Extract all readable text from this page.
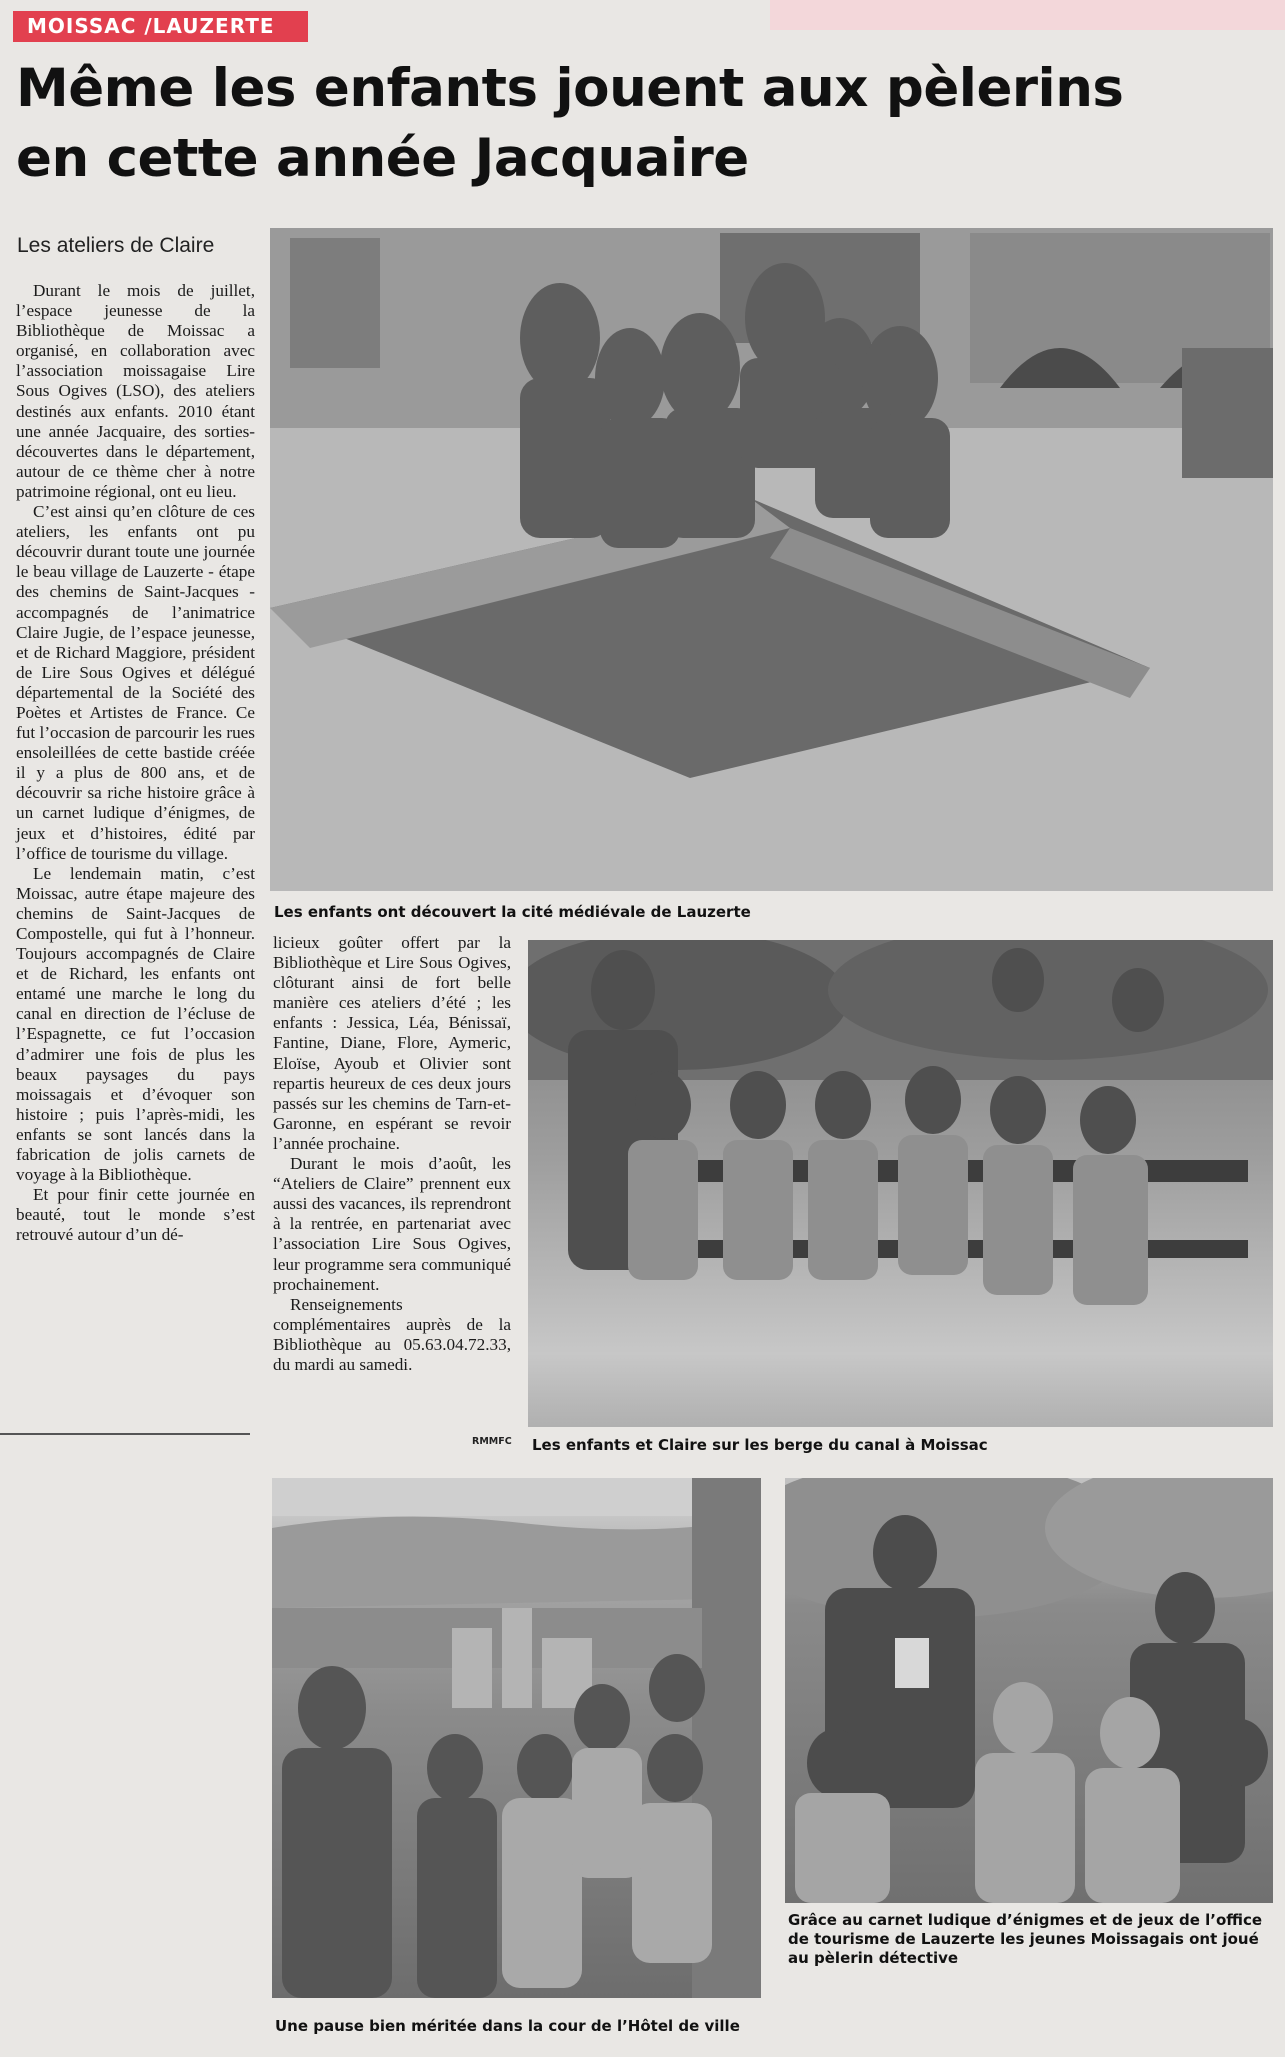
MOISSAC /LAUZERTE
Même les enfants jouent aux pèlerins en cette année Jacquaire
Les ateliers de Claire

Durant le mois de juillet, l’espace jeunesse de la Bibliothèque de Moissac a organisé, en collaboration avec l’association moissagaise Lire Sous Ogives (LSO), des ateliers destinés aux enfants. 2010 étant une année Jacquaire, des sorties-découvertes dans le département, autour de ce thème cher à notre patrimoine régional, ont eu lieu.

C’est ainsi qu’en clôture de ces ateliers, les enfants ont pu découvrir durant toute une journée le beau village de Lauzerte - étape des chemins de Saint-Jacques - accompagnés de l’animatrice Claire Jugie, de l’espace jeunesse, et de Richard Maggiore, président de Lire Sous Ogives et délégué départemental de la Société des Poètes et Artistes de France. Ce fut l’occasion de parcourir les rues ensoleillées de cette bastide créée il y a plus de 800 ans, et de découvrir sa riche histoire grâce à un carnet ludique d’énigmes, de jeux et d’histoires, édité par l’office de tourisme du village.

Le lendemain matin, c’est Moissac, autre étape majeure des chemins de Saint-Jacques de Compostelle, qui fut à l’honneur. Toujours accompagnés de Claire et de Richard, les enfants ont entamé une marche le long du canal en direction de l’écluse de l’Espagnette, ce fut l’occasion d’admirer une fois de plus les beaux paysages du pays moissagais et d’évoquer son histoire ; puis l’après-midi, les enfants se sont lancés dans la fabrication de jolis carnets de voyage à la Bibliothèque.

Et pour finir cette journée en beauté, tout le monde s’est retrouvé autour d’un dé-

licieux goûter offert par la Bibliothèque et Lire Sous Ogives, clôturant ainsi de fort belle manière ces ateliers d’été ; les enfants : Jessica, Léa, Bénissaï, Fantine, Diane, Flore, Aymeric, Eloïse, Ayoub et Olivier sont repartis heureux de ces deux jours passés sur les chemins de Tarn-et-Garonne, en espérant se revoir l’année prochaine.

Durant le mois d’août, les “Ateliers de Claire” prennent eux aussi des vacances, ils reprendront à la rentrée, en partenariat avec l’association Lire Sous Ogives, leur programme sera communiqué prochainement.

Renseignements complémentaires auprès de la Bibliothèque au 05.63.04.72.33, du mardi au samedi.

RMMFC
Les enfants ont découvert la cité médiévale de Lauzerte
Les enfants et Claire sur les berge du canal à Moissac
Une pause bien méritée dans la cour de l’Hôtel de ville
Grâce au carnet ludique d’énigmes et de jeux de l’office de tourisme de Lauzerte les jeunes Moissagais ont joué au pèlerin détective
